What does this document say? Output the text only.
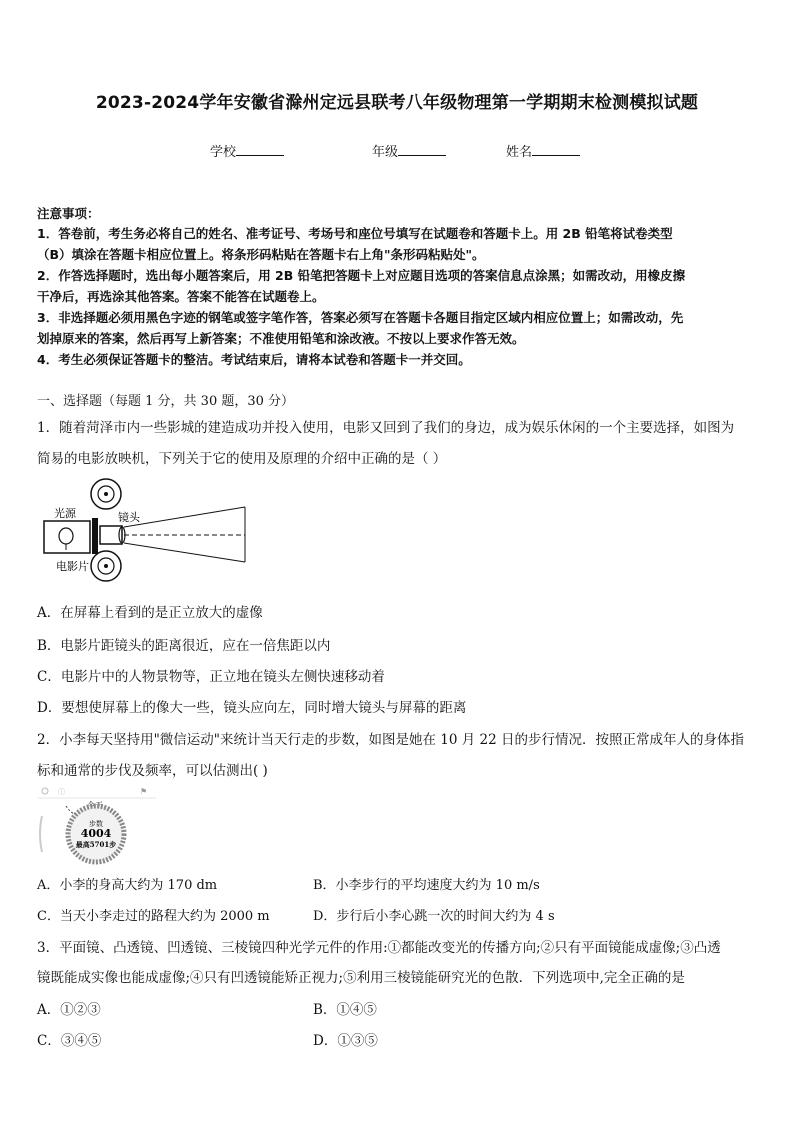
2023-2024学年安徽省滁州定远县联考八年级物理第一学期期末检测模拟试题
学校	年级	姓名
注意事项：
1．答卷前，考生务必将自己的姓名、准考证号、考场号和座位号填写在试题卷和答题卡上。用 2B 铅笔将试卷类型
（B）填涂在答题卡相应位置上。将条形码粘贴在答题卡右上角"条形码粘贴处"。
2．作答选择题时，选出每小题答案后，用 2B 铅笔把答题卡上对应题目选项的答案信息点涂黑；如需改动，用橡皮擦
干净后，再选涂其他答案。答案不能答在试题卷上。
3．非选择题必须用黑色字迹的钢笔或签字笔作答，答案必须写在答题卡各题目指定区域内相应位置上；如需改动，先
划掉原来的答案，然后再写上新答案；不准使用铅笔和涂改液。不按以上要求作答无效。
4．考生必须保证答题卡的整洁。考试结束后，请将本试卷和答题卡一并交回。
一、选择题（每题 1 分，共 30 题，30 分）
1．随着菏泽市内一些影城的建造成功并投入使用，电影又回到了我们的身边，成为娱乐休闲的一个主要选择，如图为
简易的电影放映机，下列关于它的使用及原理的介绍中正确的是（ ）
光源	镜头
电影片
A．在屏幕上看到的是正立放大的虚像
B．电影片距镜头的距离很近，应在一倍焦距以内
C．电影片中的人物景物等，正立地在镜头左侧快速移动着
D．要想使屏幕上的像大一些，镜头应向左，同时增大镜头与屏幕的距离
2．小李每天坚持用"微信运动"来统计当天行走的步数，如图是她在 10 月 22 日的步行情况．按照正常成年人的身体指
标和通常的步伐及频率，可以估测出( )
ⓘ	⚑
步数
4004
最高5701步
A．小李的身高大约为 170 dm	B．小李步行的平均速度大约为 10 m/s
C．当天小李走过的路程大约为 2000 m	D．步行后小李心跳一次的时间大约为 4 s
3．平面镜、凸透镜、凹透镜、三棱镜四种光学元件的作用:①都能改变光的传播方向;②只有平面镜能成虚像;③凸透
镜既能成实像也能成虚像;④只有凹透镜能矫正视力;⑤利用三棱镜能研究光的色散．下列选项中,完全正确的是
A．①②③	B．①④⑤
C．③④⑤	D．①③⑤
